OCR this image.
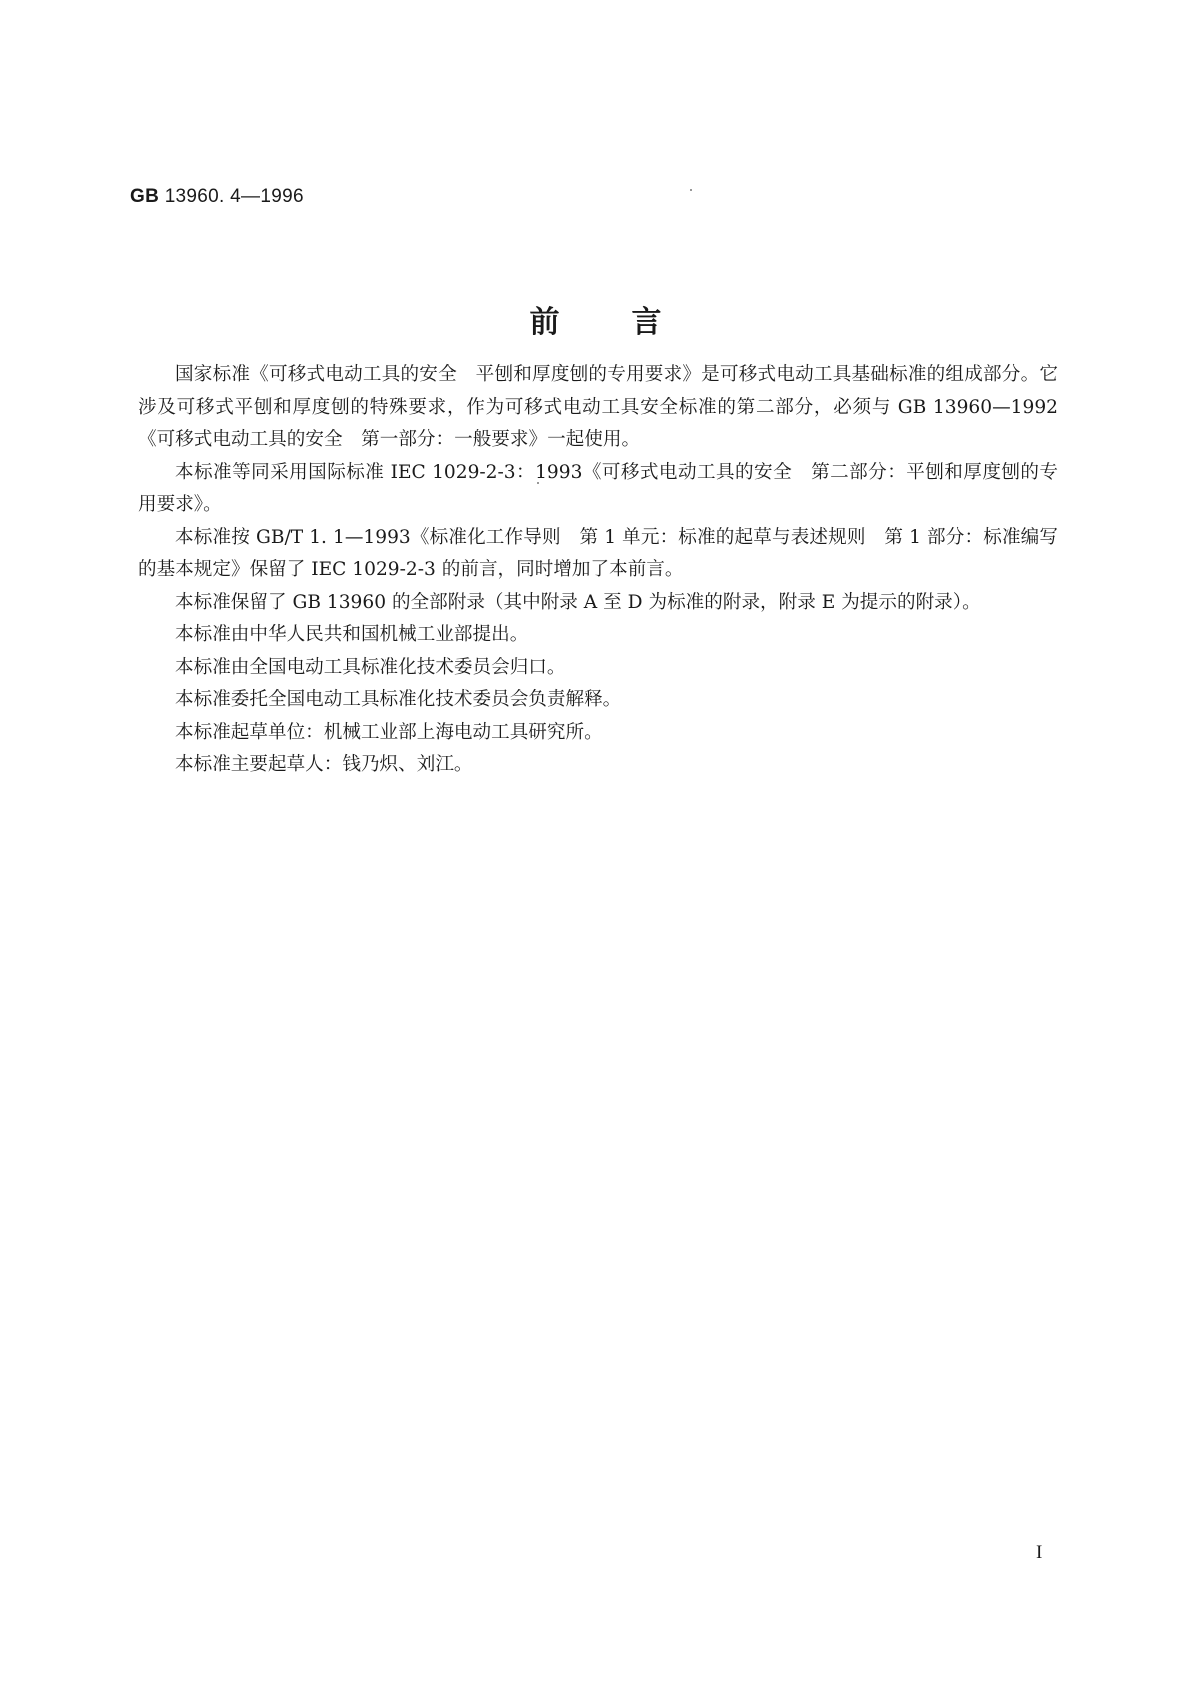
GB 13960. 4—1996
前言

国家标准《可移式电动工具的安全　平刨和厚度刨的专用要求》是可移式电动工具基础标准的组成部分。它涉及可移式平刨和厚度刨的特殊要求，作为可移式电动工具安全标准的第二部分，必须与 GB 13960—1992《可移式电动工具的安全　第一部分：一般要求》一起使用。

本标准等同采用国际标准 IEC 1029-2-3：1993《可移式电动工具的安全　第二部分：平刨和厚度刨的专用要求》。

本标准按 GB/T 1. 1—1993《标准化工作导则　第 1 单元：标准的起草与表述规则　第 1 部分：标准编写的基本规定》保留了 IEC 1029-2-3 的前言，同时增加了本前言。

本标准保留了 GB 13960 的全部附录（其中附录 A 至 D 为标准的附录，附录 E 为提示的附录）。

本标准由中华人民共和国机械工业部提出。

本标准由全国电动工具标准化技术委员会归口。

本标准委托全国电动工具标准化技术委员会负责解释。

本标准起草单位：机械工业部上海电动工具研究所。

本标准主要起草人：钱乃炽、刘江。

I
